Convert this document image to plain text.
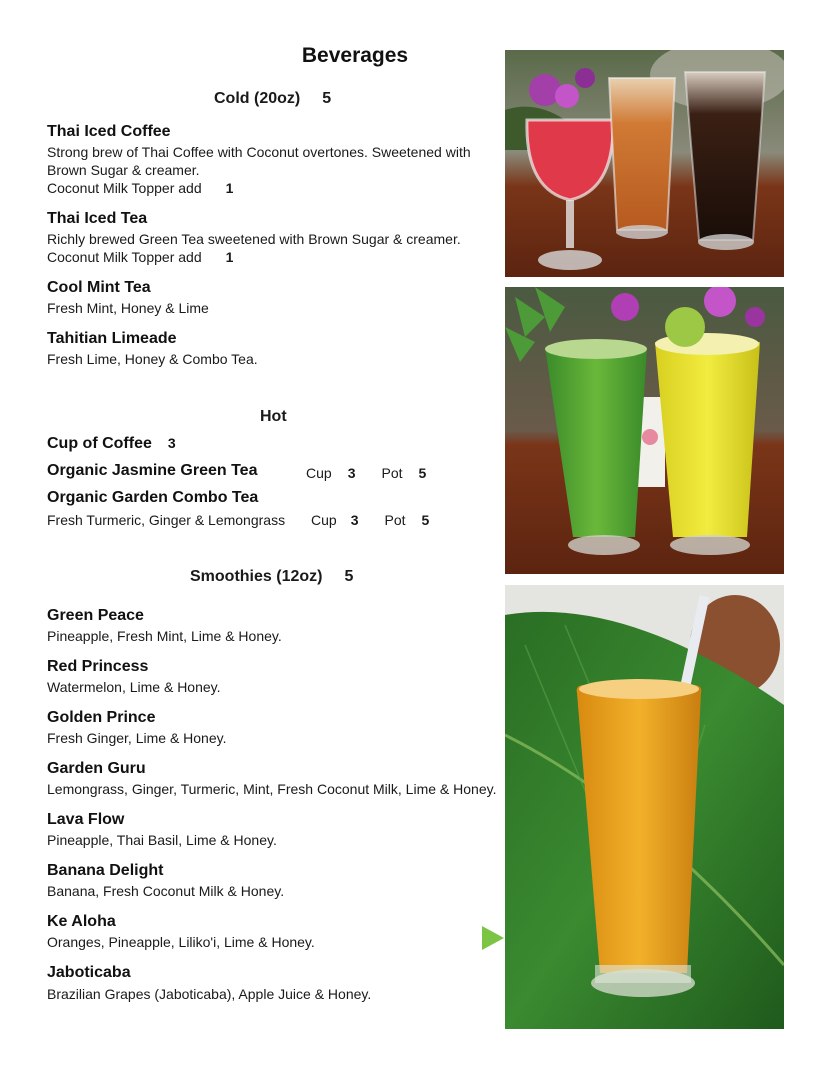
Beverages
Cold (20oz) 5
Thai Iced Coffee
Strong brew of Thai Coffee with Coconut overtones. Sweetened with Brown Sugar & creamer.
Coconut Milk Topper add 1
Thai Iced Tea
Richly brewed Green Tea sweetened with Brown Sugar & creamer.
Coconut Milk Topper add 1
Cool Mint Tea
Fresh Mint, Honey & Lime
Tahitian Limeade
Fresh Lime, Honey & Combo Tea.
Hot
Cup of Coffee 3
Organic Jasmine Green Tea	Cup 3 Pot 5
Organic Garden Combo Tea
Fresh Turmeric, Ginger & Lemongrass Cup 3 Pot 5
Smoothies (12oz) 5
Green Peace
Pineapple, Fresh Mint, Lime & Honey.
Red Princess
Watermelon, Lime & Honey.
Golden Prince
Fresh Ginger, Lime & Honey.
Garden Guru
Lemongrass, Ginger, Turmeric, Mint, Fresh Coconut Milk, Lime & Honey.
Lava Flow
Pineapple, Thai Basil, Lime & Honey.
Banana Delight
Banana, Fresh Coconut Milk & Honey.
Ke Aloha
Oranges, Pineapple, Liliko'i, Lime & Honey.
Jaboticaba
Brazilian Grapes (Jaboticaba), Apple Juice & Honey.
